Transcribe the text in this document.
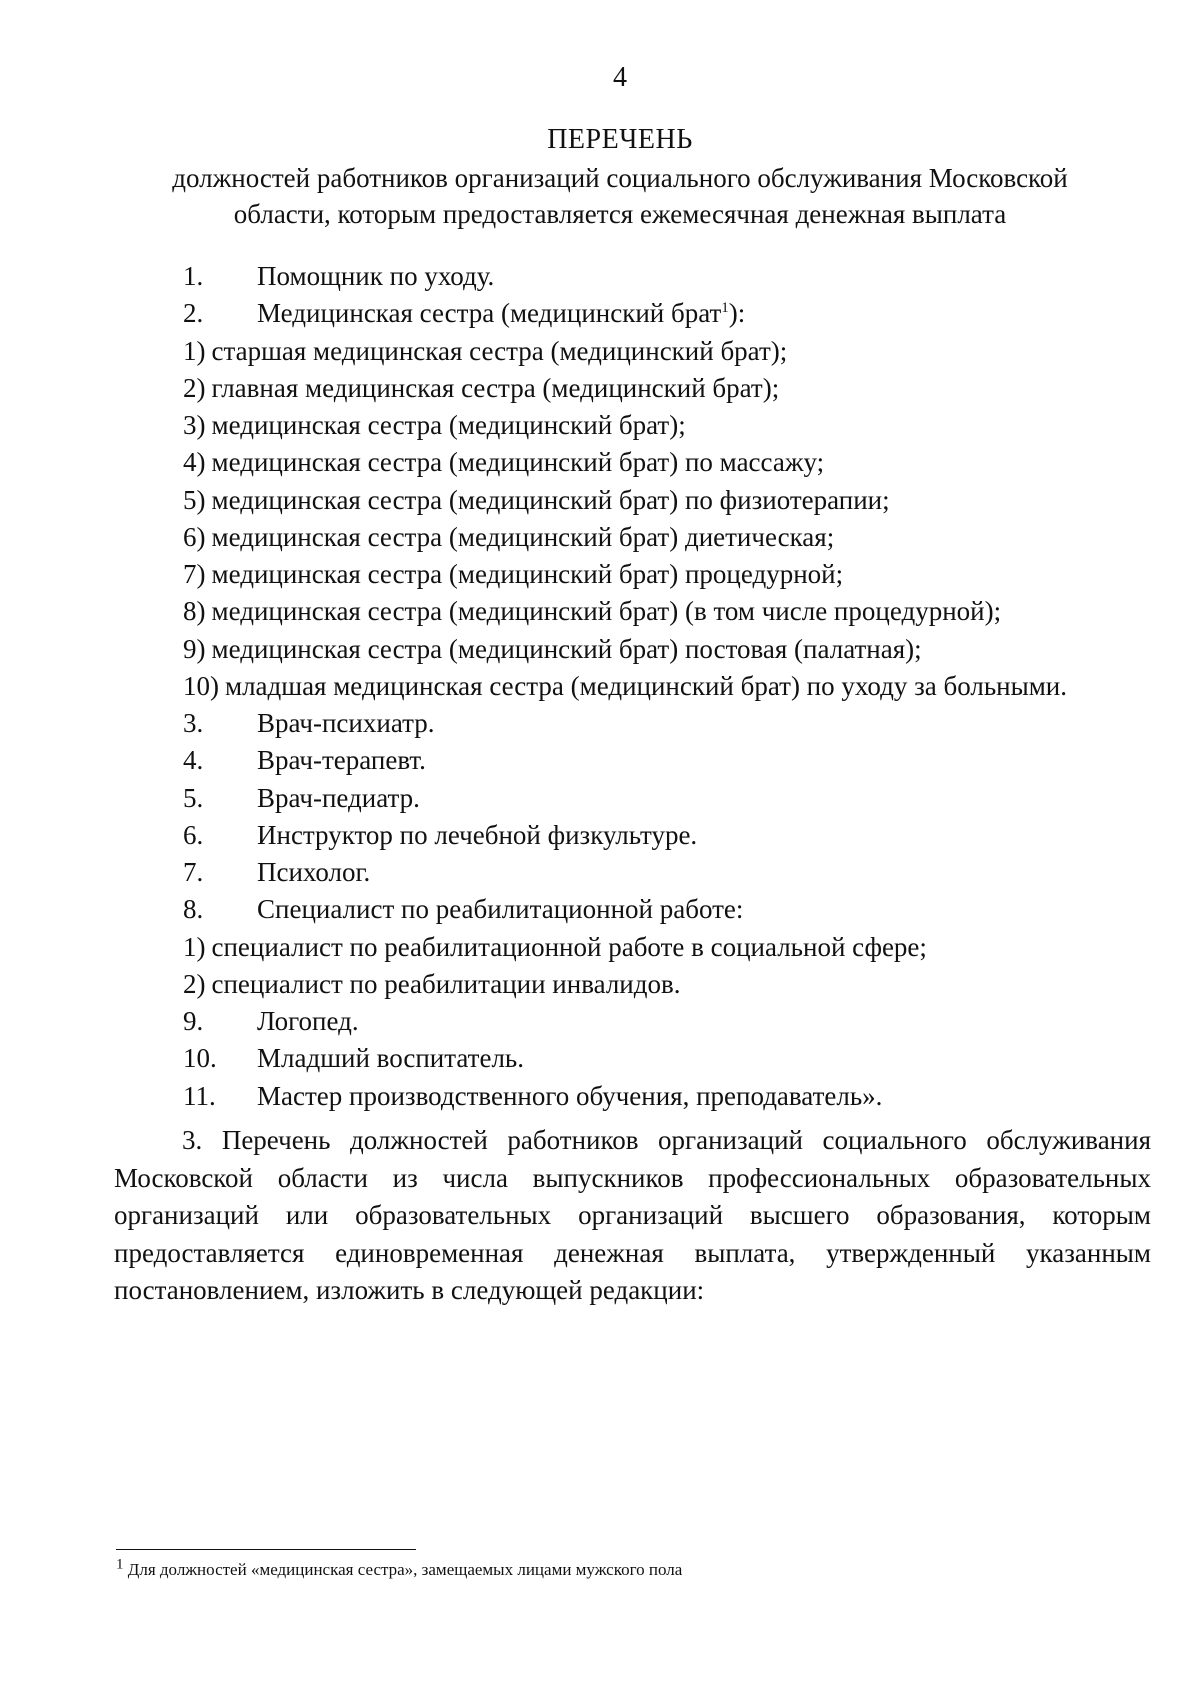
4
ПЕРЕЧЕНЬ
должностей работников организаций социального обслуживания Московской
области, которым предоставляется ежемесячная денежная выплата
1. Помощник по уходу.
2. Медицинская сестра (медицинский брат$^1$):
1) старшая медицинская сестра (медицинский брат);
2) главная медицинская сестра (медицинский брат);
3) медицинская сестра (медицинский брат);
4) медицинская сестра (медицинский брат) по массажу;
5) медицинская сестра (медицинский брат) по физиотерапии;
6) медицинская сестра (медицинский брат) диетическая;
7) медицинская сестра (медицинский брат) процедурной;
8) медицинская сестра (медицинский брат) (в том числе процедурной);
9) медицинская сестра (медицинский брат) постовая (палатная);
10) младшая медицинская сестра (медицинский брат) по уходу за больными.
3. Врач-психиатр.
4. Врач-терапевт.
5. Врач-педиатр.
6. Инструктор по лечебной физкультуре.
7. Психолог.
8. Специалист по реабилитационной работе:
1) специалист по реабилитационной работе в социальной сфере;
2) специалист по реабилитации инвалидов.
9. Логопед.
10. Младший воспитатель.
11. Мастер производственного обучения, преподаватель».

3. Перечень должностей работников организаций социального обслуживания Московской области из числа выпускников профессиональных образовательных организаций или образовательных организаций высшего образования, которым предоставляется единовременная денежная выплата, утвержденный указанным постановлением, изложить в следующей редакции:

$^1$ Для должностей «медицинская сестра», замещаемых лицами мужского пола
